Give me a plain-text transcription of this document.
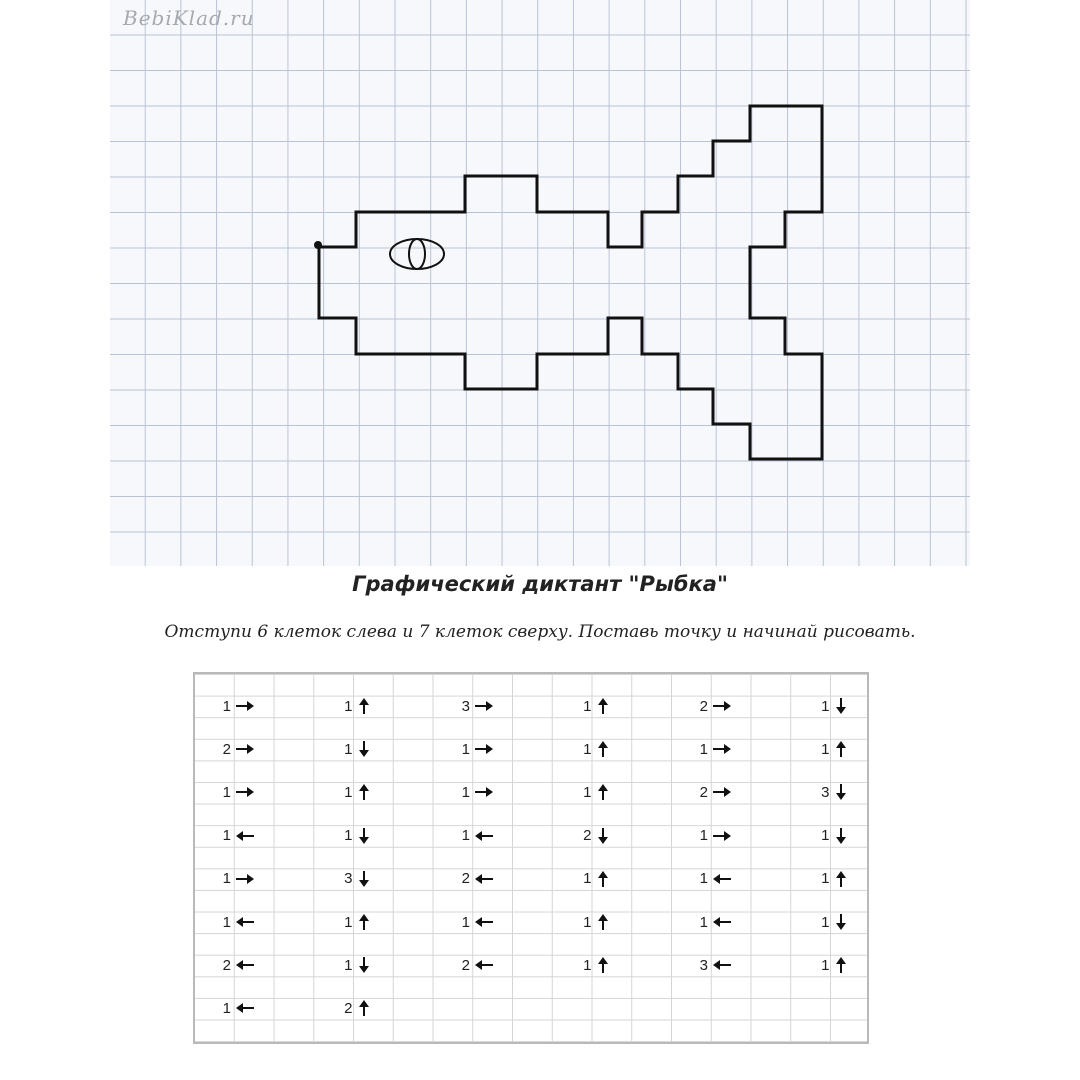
BebiKlad.ru
Графический диктант "Рыбка"
Отступи 6 клеток слева и 7 клеток сверху. Поставь точку и начинай рисовать.
1
2
1
1
1
1
2
1
1
1
1
1
3
1
1
2
3
1
1
1
2
1
2
1
1
1
2
1
1
1
2
1
2
1
1
1
3
1
1
3
1
1
1
1
